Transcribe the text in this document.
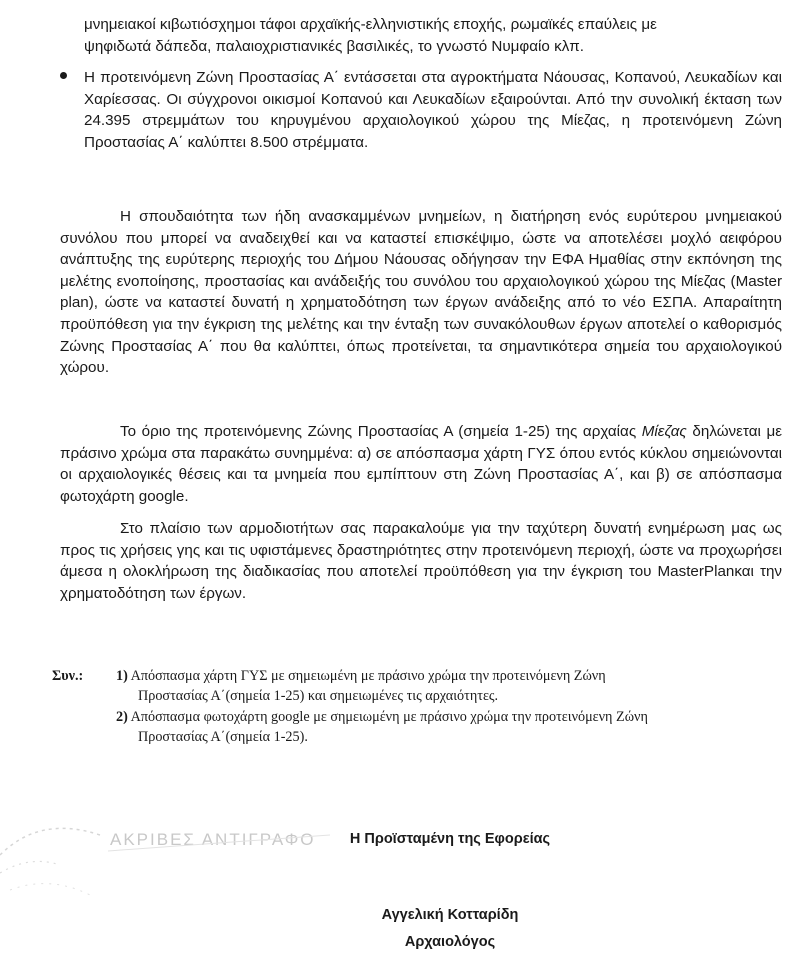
ΑΚΡΙΒΕΣ ΑΝΤΙΓΡΑΦΟ
μνημειακοί κιβωτιόσχημοι τάφοι αρχαϊκής-ελληνιστικής εποχής, ρωμαϊκές επαύλεις με
ψηφιδωτά δάπεδα, παλαιοχριστιανικές βασιλικές, το γνωστό Νυμφαίο κλπ.
Η προτεινόμενη Ζώνη Προστασίας Α΄ εντάσσεται στα αγροκτήματα Νάουσας, Κοπανού, Λευκαδίων και Χαρίεσσας. Οι σύγχρονοι οικισμοί Κοπανού και Λευκαδίων εξαιρούνται. Από την συνολική έκταση των 24.395 στρεμμάτων του κηρυγμένου αρχαιολογικού χώρου της Μίεζας, η προτεινόμενη Ζώνη Προστασίας Α΄ καλύπτει 8.500 στρέμματα.
Η σπουδαιότητα των ήδη ανασκαμμένων μνημείων, η διατήρηση ενός ευρύτερου μνημειακού συνόλου που μπορεί να αναδειχθεί και να καταστεί επισκέψιμο, ώστε να αποτελέσει μοχλό αειφόρου ανάπτυξης της ευρύτερης περιοχής του Δήμου Νάουσας οδήγησαν την ΕΦΑ Ημαθίας στην εκπόνηση της μελέτης ενοποίησης, προστασίας και ανάδειξής του συνόλου του αρχαιολογικού χώρου της Μίεζας (Master plan), ώστε να καταστεί δυνατή η χρηματοδότηση των έργων ανάδειξης από το νέο ΕΣΠΑ. Απαραίτητη προϋπόθεση για την έγκριση της μελέτης και την ένταξη των συνακόλουθων έργων αποτελεί ο καθορισμός Ζώνης Προστασίας Α΄ που θα καλύπτει, όπως προτείνεται, τα σημαντικότερα σημεία του αρχαιολογικού χώρου.
Το όριο της προτεινόμενης Ζώνης Προστασίας Α (σημεία 1-25) της αρχαίας Μίεζας δηλώνεται με πράσινο χρώμα στα παρακάτω συνημμένα: α) σε απόσπασμα χάρτη ΓΥΣ όπου εντός κύκλου σημειώνονται οι αρχαιολογικές θέσεις και τα μνημεία που εμπίπτουν στη Ζώνη Προστασίας Α΄, και β) σε απόσπασμα φωτοχάρτη google.
Στο πλαίσιο των αρμοδιοτήτων σας παρακαλούμε για την ταχύτερη δυνατή ενημέρωση μας ως προς τις χρήσεις γης και τις υφιστάμενες δραστηριότητες στην προτεινόμενη περιοχή, ώστε να προχωρήσει άμεσα η ολοκλήρωση της διαδικασίας που αποτελεί προϋπόθεση για την έγκριση του MasterPlanκαι την χρηματοδότηση των έργων.
Συν.: 1) Απόσπασμα χάρτη ΓΥΣ με σημειωμένη με πράσινο χρώμα την προτεινόμενη Ζώνη
Προστασίας Α΄(σημεία 1-25) και σημειωμένες τις αρχαιότητες.
2) Απόσπασμα φωτοχάρτη google με σημειωμένη με πράσινο χρώμα την προτεινόμενη Ζώνη
Προστασίας Α΄(σημεία 1-25).
Η Προϊσταμένη της Εφορείας
Αγγελική Κοτταρίδη
Αρχαιολόγος
